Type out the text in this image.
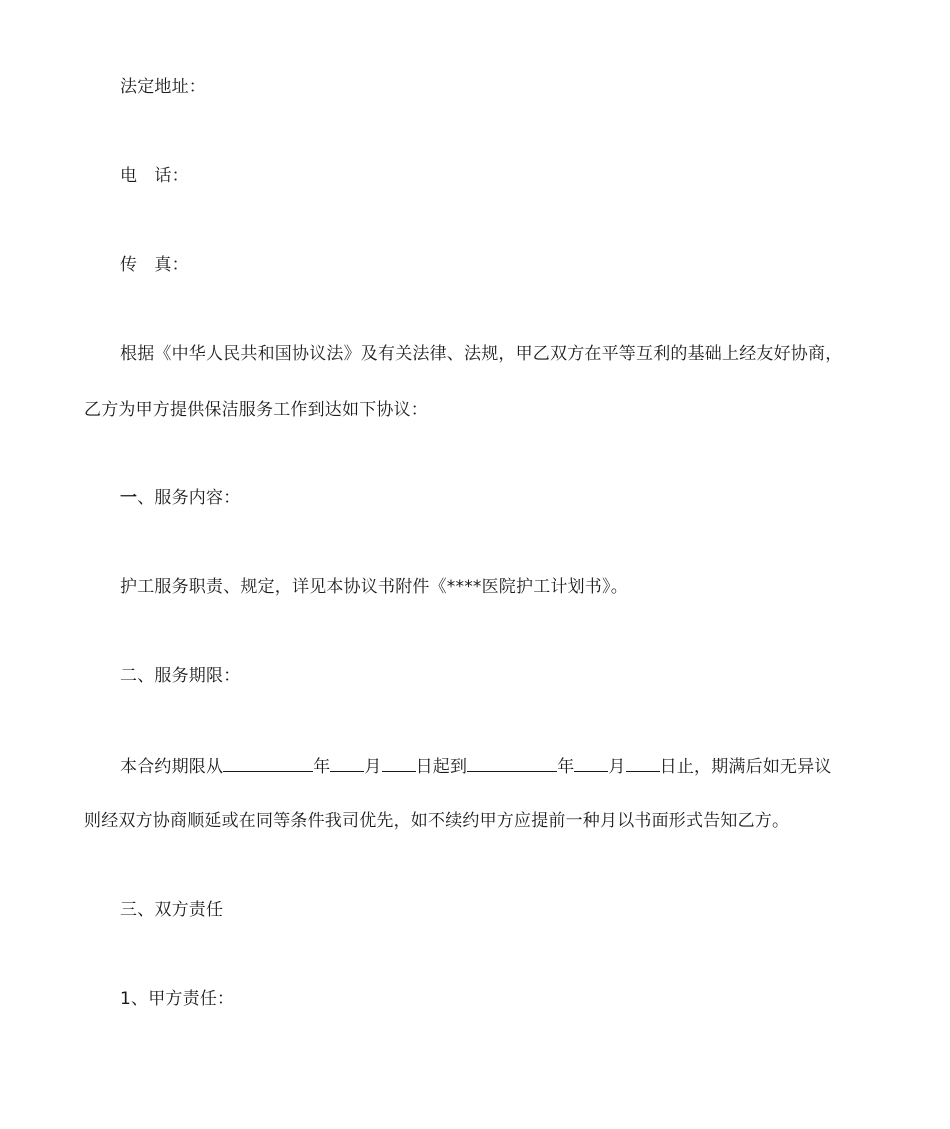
法定地址：
电　话：
传　真：
根据《中华人民共和国协议法》及有关法律、法规，甲乙双方在平等互利的基础上经友好协商，
乙方为甲方提供保洁服务工作到达如下协议：
一、服务内容：
护工服务职责、规定，详见本协议书附件《****医院护工计划书》。
二、服务期限：
本合约期限从	年 月 日起到	年 月 日止，期满后如无异议
则经双方协商顺延或在同等条件我司优先，如不续约甲方应提前一种月以书面形式告知乙方。
三、双方责任
1、甲方责任：
